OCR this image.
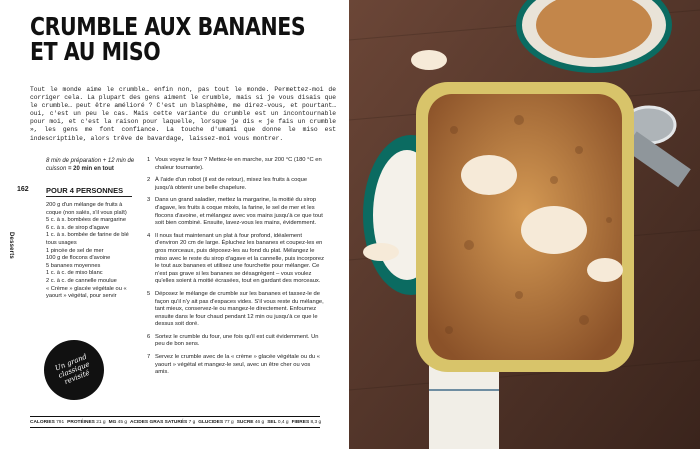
CRUMBLE AUX BANANES
ET AU MISO
Tout le monde aime le crumble… enfin non, pas tout le monde. Permettez-moi de corriger cela. La plupart des gens aiment le crumble, mais si je vous disais que le crumble… peut être amélioré ? C'est un blasphème, me direz-vous, et pourtant… oui, c'est un peu le cas. Mais cette variante du crumble est un incontournable pour moi, et c'est la raison pour laquelle, lorsque je dis « je fais un crumble », les gens me font confiance. La touche d'umami que donne le miso est indescriptible, alors trêve de bavardage, laissez-moi vous montrer.
162
Desserts
8 min de préparation + 12 min de cuisson = 20 min en tout
POUR 4 PERSONNES
200 g d'un mélange de fruits à coque (non salés, s'il vous plaît)
5 c. à s. bombées de margarine
6 c. à s. de sirop d'agave
1 c. à s. bombée de farine de blé tous usages
1 pincée de sel de mer
100 g de flocons d'avoine
5 bananes moyennes
1 c. à c. de miso blanc
2 c. à c. de cannelle moulue
« Crème » glacée végétale ou « yaourt » végétal, pour servir
Un grand classique revisité
1 Vous voyez le four ? Mettez-le en marche, sur 200 °C (180 °C en chaleur tournante).
2 À l'aide d'un robot (il est de retour), mixez les fruits à coque jusqu'à obtenir une belle chapelure.
3 Dans un grand saladier, mettez la margarine, la moitié du sirop d'agave, les fruits à coque mixés, la farine, le sel de mer et les flocons d'avoine, et mélangez avec vos mains jusqu'à ce que tout soit bien combiné. Ensuite, lavez-vous les mains, évidemment.
4 Il nous faut maintenant un plat à four profond, idéalement d'environ 20 cm de large. Épluchez les bananes et coupez-les en gros morceaux, puis déposez-les au fond du plat. Mélangez le miso avec le reste du sirop d'agave et la cannelle, puis incorporez le tout aux bananes et utilisez une fourchette pour mélanger. Ce n'est pas grave si les bananes se désagrègent – vous voulez qu'elles soient à moitié écrasées, tout en gardant des morceaux.
5 Déposez le mélange de crumble sur les bananes et tassez-le de façon qu'il n'y ait pas d'espaces vides. S'il vous reste du mélange, tant mieux, conservez-le ou mangez-le directement. Enfournez ensuite dans le four chaud pendant 12 min ou jusqu'à ce que le dessus soit doré.
6 Sortez le crumble du four, une fois qu'il est cuit évidemment. Un peu de bon sens.
7 Servez le crumble avec de la « crème » glacée végétale ou du « yaourt » végétal et mangez-le seul, avec un être cher ou vos amis.
CALORIES 791 PROTÉINES 21 g MG 45 g ACIDES GRAS SATURÉS 7 g GLUCIDES 77 g SUCRE 46 g SEL 0,4 g FIBRES 8,3 g
